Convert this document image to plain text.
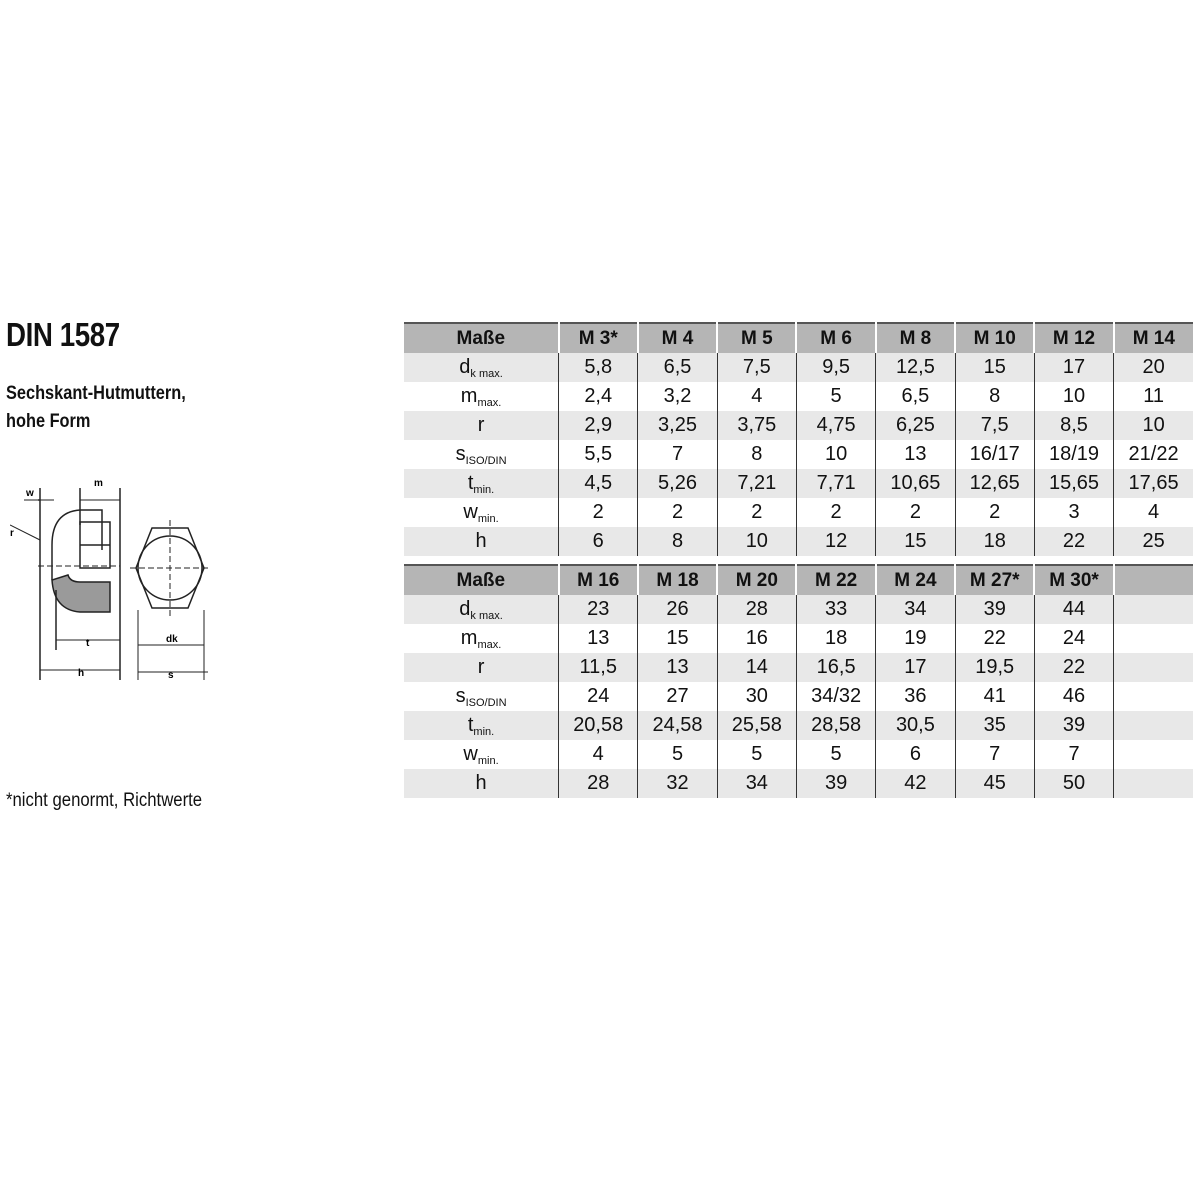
DIN 1587
Sechskant-Hutmuttern,
hohe Form
w
m
r
t
h
dk
s
Maße	M 3*	M 4	M 5	M 6	M 8	M 10	M 12	M 14
$d_{k max.}$	5,8	6,5	7,5	9,5	12,5	15	17	20
$m_{max.}$	2,4	3,2	4	5	6,5	8	10	11
r	2,9	3,25	3,75	4,75	6,25	7,5	8,5	10
$s_{ISO/DIN}$	5,5	7	8	10	13	16/17	18/19	21/22
$t_{min.}$	4,5	5,26	7,21	7,71	10,65	12,65	15,65	17,65
$w_{min.}$	2	2	2	2	2	2	3	4
h	6	8	10	12	15	18	22	25
Maße	M 16	M 18	M 20	M 22	M 24	M 27*	M 30*	
$d_{k max.}$	23	26	28	33	34	39	44	
$m_{max.}$	13	15	16	18	19	22	24	
r	11,5	13	14	16,5	17	19,5	22	
$s_{ISO/DIN}$	24	27	30	34/32	36	41	46	
$t_{min.}$	20,58	24,58	25,58	28,58	30,5	35	39	
$w_{min.}$	4	5	5	5	6	7	7	
h	28	32	34	39	42	45	50	
*nicht genormt, Richtwerte
